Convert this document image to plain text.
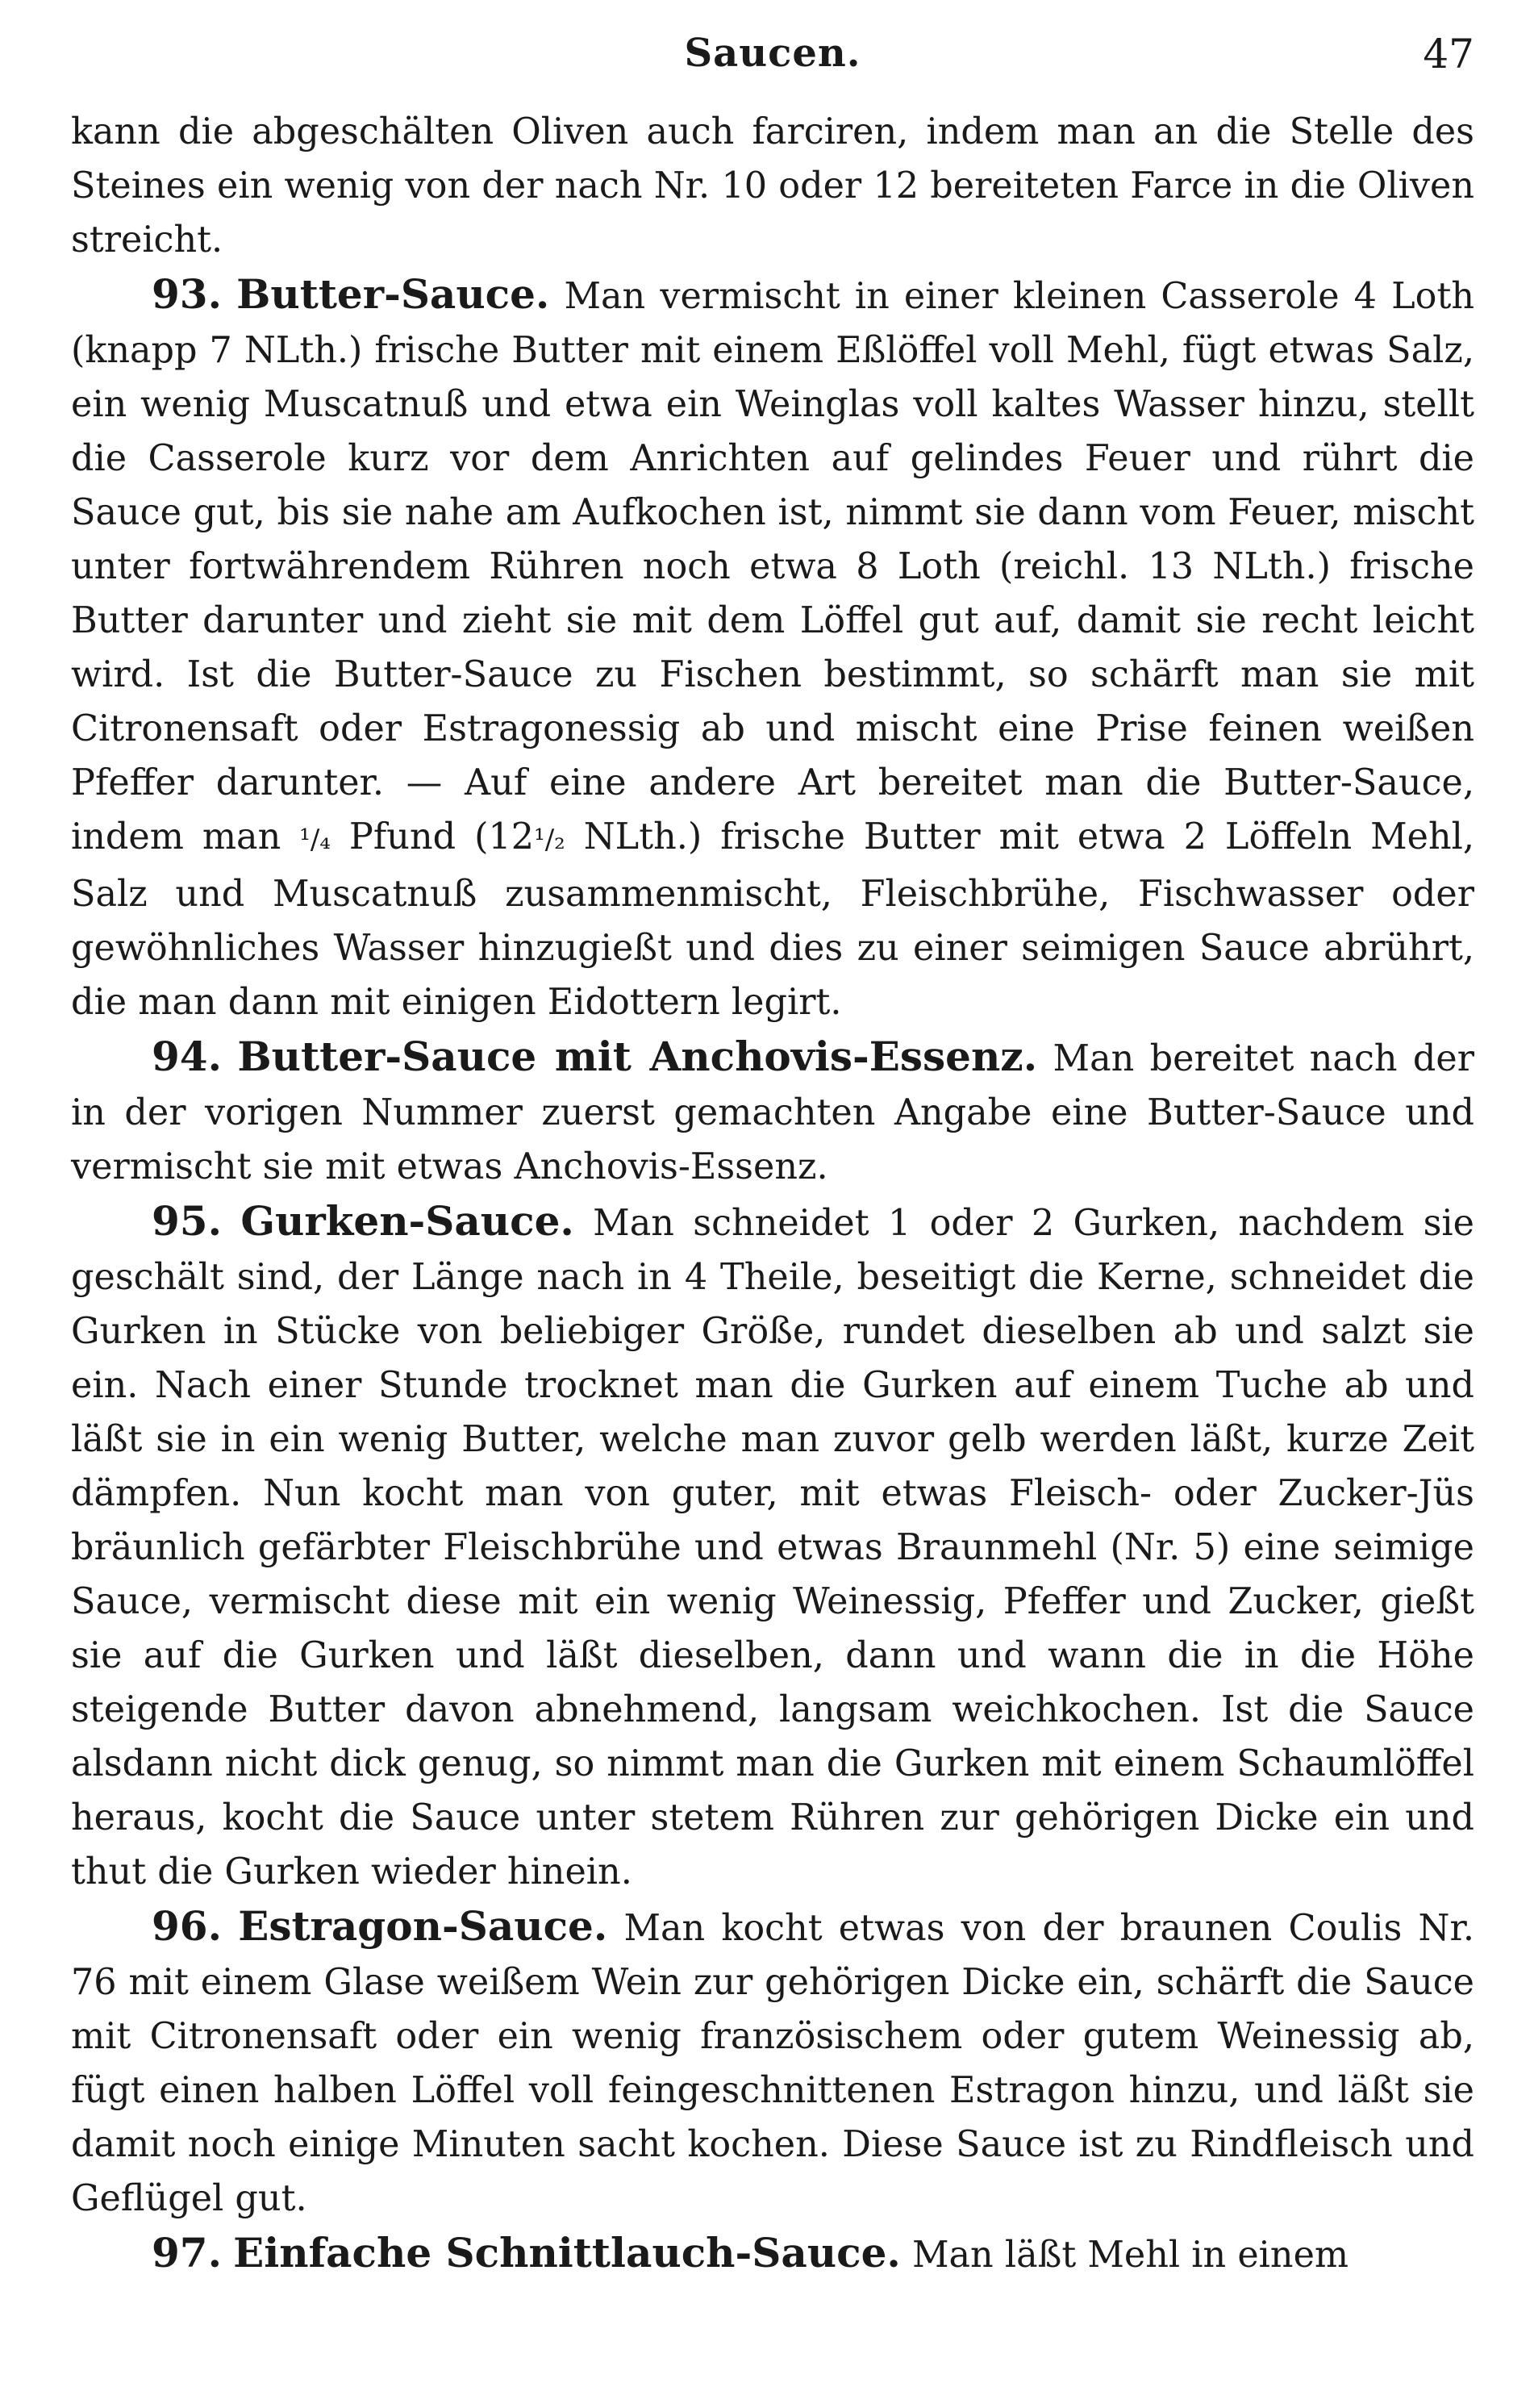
Saucen.	47

kann die abgeschälten Oliven auch farciren, indem man an die Stelle des Steines ein wenig von der nach Nr. 10 oder 12 bereiteten Farce in die Oliven streicht.

93. Butter-Sauce. Man vermischt in einer kleinen Casserole 4 Loth (knapp 7 NLth.) frische Butter mit einem Eßlöffel voll Mehl, fügt etwas Salz, ein wenig Muscatnuß und etwa ein Weinglas voll kaltes Wasser hinzu, stellt die Casserole kurz vor dem Anrichten auf gelindes Feuer und rührt die Sauce gut, bis sie nahe am Aufkochen ist, nimmt sie dann vom Feuer, mischt unter fortwährendem Rühren noch etwa 8 Loth (reichl. 13 NLth.) frische Butter darunter und zieht sie mit dem Löffel gut auf, damit sie recht leicht wird. Ist die Butter-Sauce zu Fischen bestimmt, so schärft man sie mit Citronensaft oder Estragonessig ab und mischt eine Prise feinen weißen Pfeffer darunter. — Auf eine andere Art bereitet man die Butter-Sauce, indem man ¹/₄ Pfund (12¹/₂ NLth.) frische Butter mit etwa 2 Löffeln Mehl, Salz und Muscatnuß zusammenmischt, Fleischbrühe, Fischwasser oder gewöhnliches Wasser hinzugießt und dies zu einer seimigen Sauce abrührt, die man dann mit einigen Eidottern legirt.

94. Butter-Sauce mit Anchovis-Essenz. Man bereitet nach der in der vorigen Nummer zuerst gemachten Angabe eine Butter-Sauce und vermischt sie mit etwas Anchovis-Essenz.

95. Gurken-Sauce. Man schneidet 1 oder 2 Gurken, nachdem sie geschält sind, der Länge nach in 4 Theile, beseitigt die Kerne, schneidet die Gurken in Stücke von beliebiger Größe, rundet dieselben ab und salzt sie ein. Nach einer Stunde trocknet man die Gurken auf einem Tuche ab und läßt sie in ein wenig Butter, welche man zuvor gelb werden läßt, kurze Zeit dämpfen. Nun kocht man von guter, mit etwas Fleisch- oder Zucker-Jüs bräunlich gefärbter Fleischbrühe und etwas Braunmehl (Nr. 5) eine seimige Sauce, vermischt diese mit ein wenig Weinessig, Pfeffer und Zucker, gießt sie auf die Gurken und läßt dieselben, dann und wann die in die Höhe steigende Butter davon abnehmend, langsam weichkochen. Ist die Sauce alsdann nicht dick genug, so nimmt man die Gurken mit einem Schaumlöffel heraus, kocht die Sauce unter stetem Rühren zur gehörigen Dicke ein und thut die Gurken wieder hinein.

96. Estragon-Sauce. Man kocht etwas von der braunen Coulis Nr. 76 mit einem Glase weißem Wein zur gehörigen Dicke ein, schärft die Sauce mit Citronensaft oder ein wenig französischem oder gutem Weinessig ab, fügt einen halben Löffel voll feingeschnittenen Estragon hinzu, und läßt sie damit noch einige Minuten sacht kochen. Diese Sauce ist zu Rindfleisch und Geflügel gut.

97. Einfache Schnittlauch-Sauce. Man läßt Mehl in einem
